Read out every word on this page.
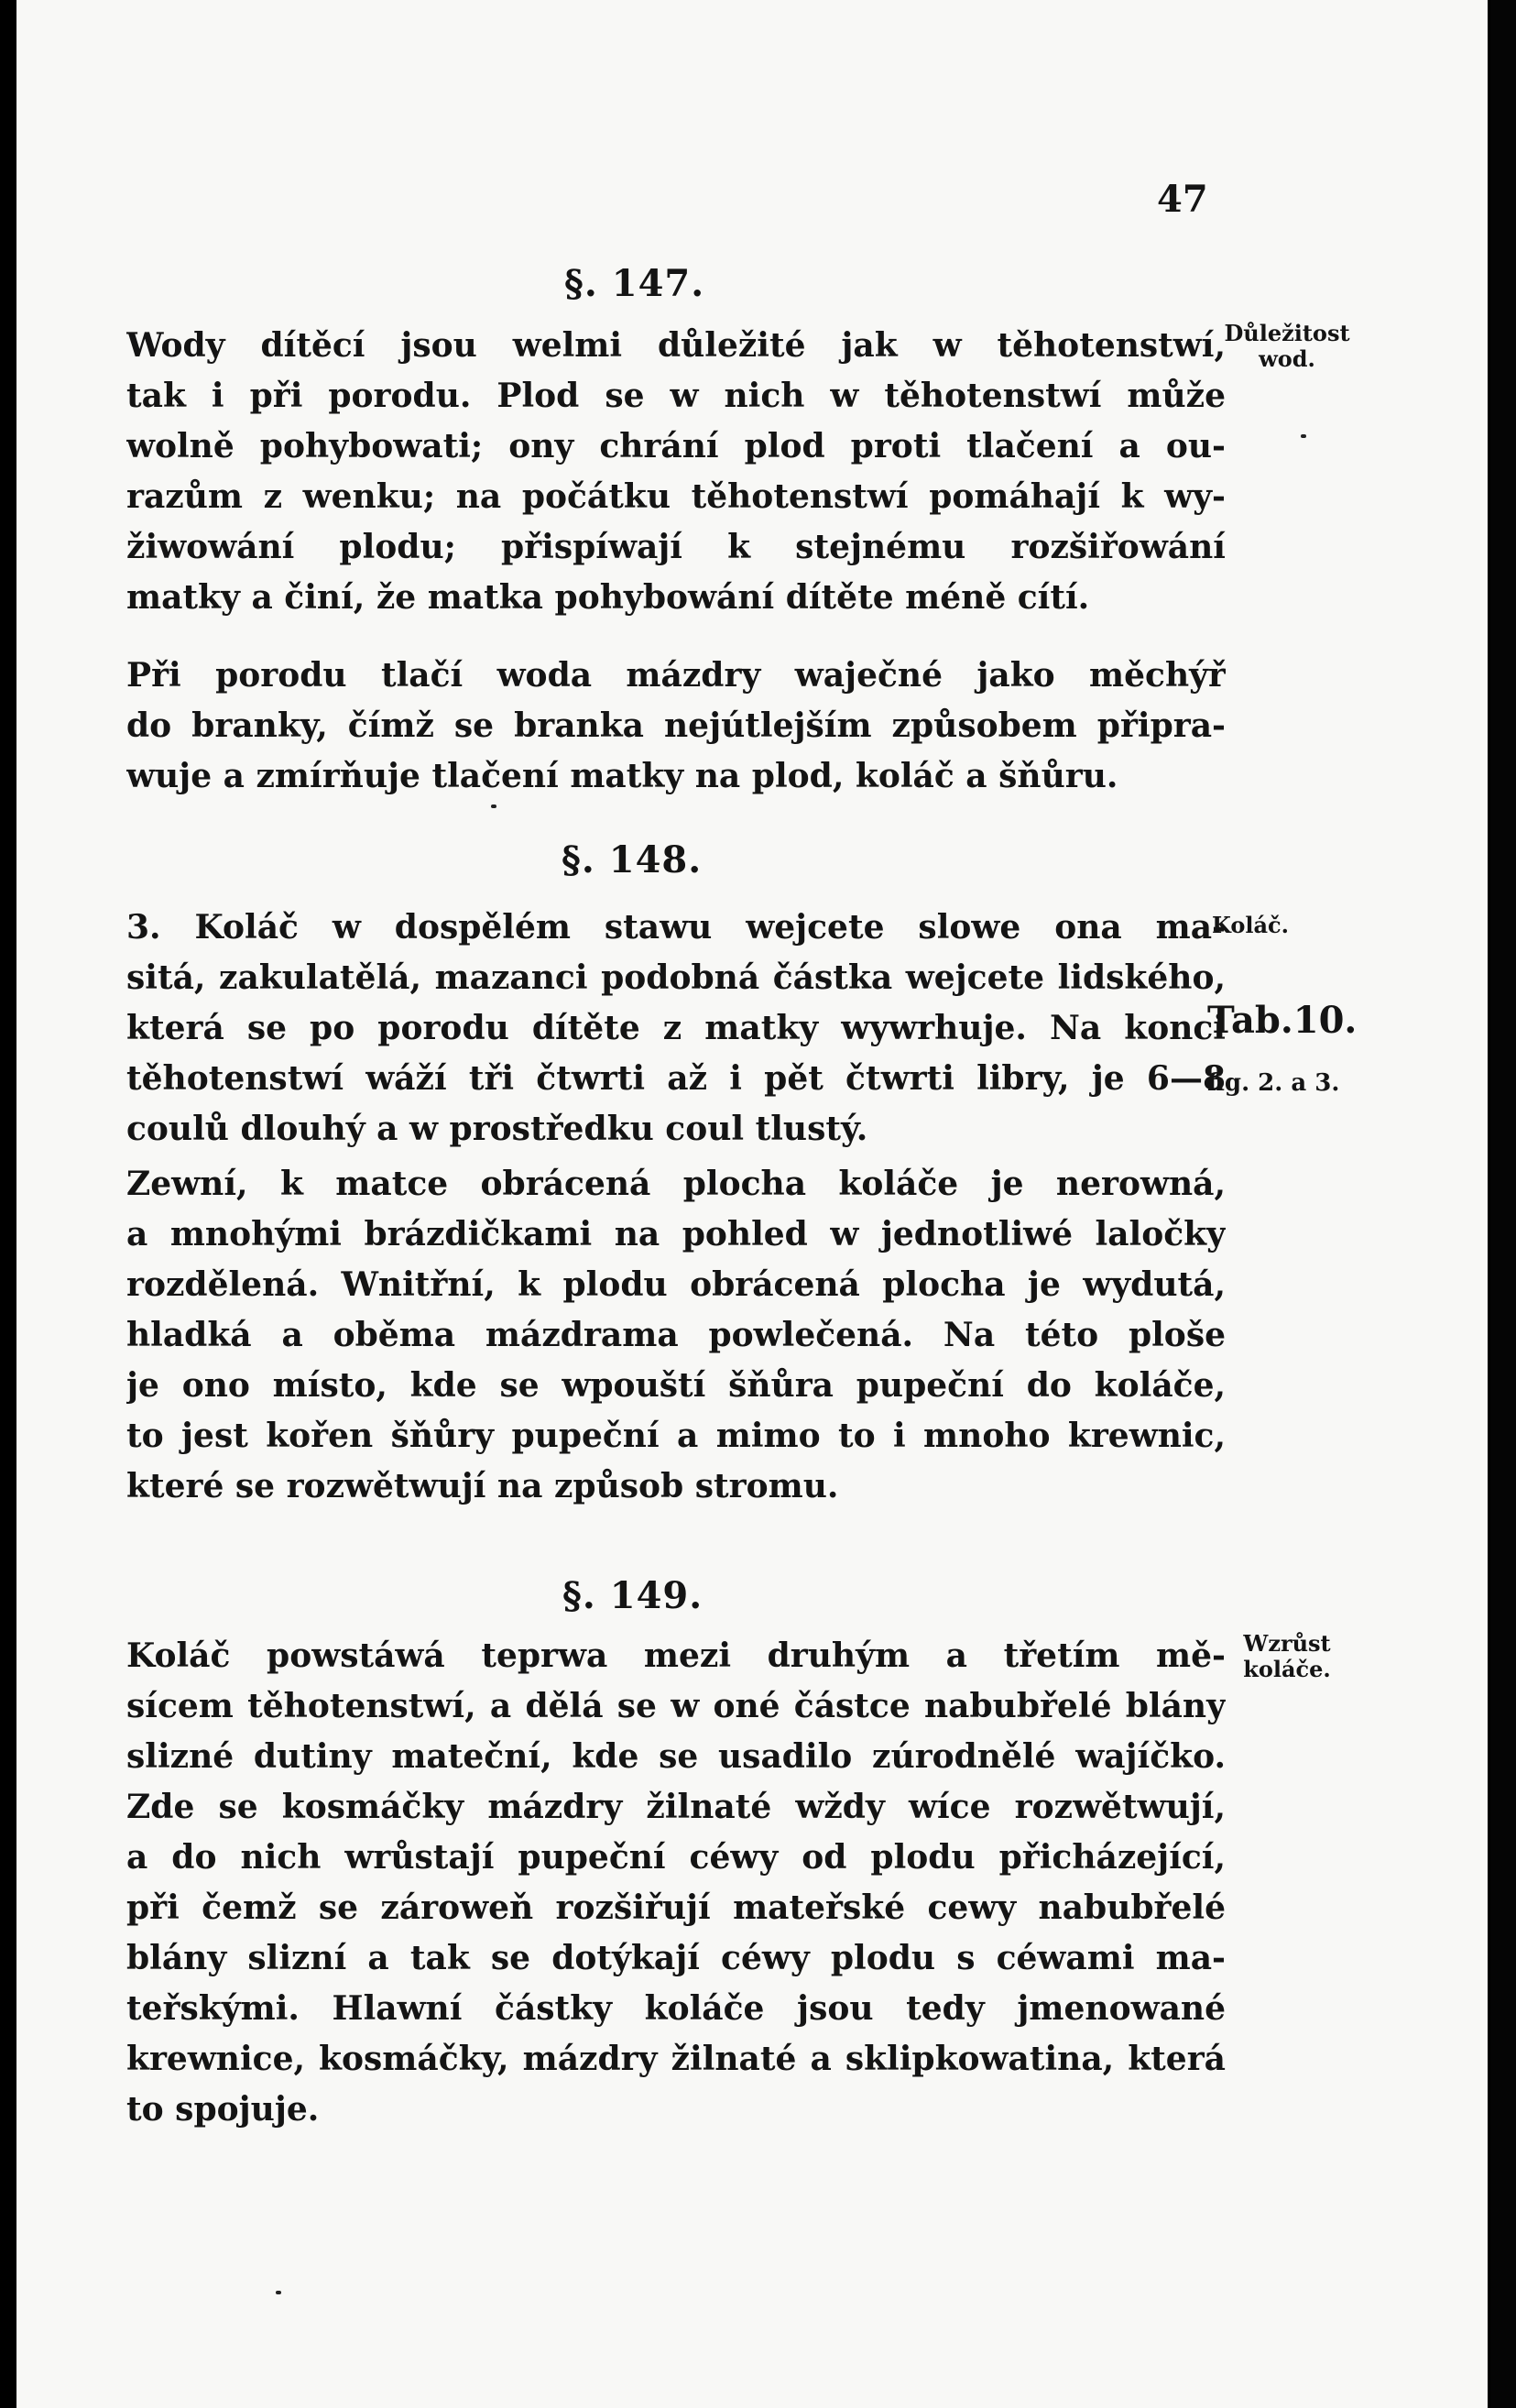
47
§. 147.
Wody dítěcí jsou welmi důležité jak w těhotenstwí,
tak i při porodu. Plod se w nich w těhotenstwí může
wolně pohybowati; ony chrání plod proti tlačení a ou-
razům z wenku; na počátku těhotenstwí pomáhají k wy-
žiwowání plodu; přispíwají k stejnému rozšiřowání
matky a činí, že matka pohybowání dítěte méně cítí.
Důležitost
wod.
Při porodu tlačí woda mázdry waječné jako měchýř
do branky, čímž se branka nejútlejším způsobem připra-
wuje a zmírňuje tlačení matky na plod, koláč a šňůru.
§. 148.
3. Koláč w dospělém stawu wejcete slowe ona ma-
sitá, zakulatělá, mazanci podobná částka wejcete lidského,
která se po porodu dítěte z matky wywrhuje. Na konci
těhotenstwí wáží tři čtwrti až i pět čtwrti libry, je 6—8
coulů dlouhý a w prostředku coul tlustý.
Koláč.
Tab.10.
fig. 2. a 3.
Zewní, k matce obrácená plocha koláče je nerowná,
a mnohými brázdičkami na pohled w jednotliwé laločky
rozdělená. Wnitřní, k plodu obrácená plocha je wydutá,
hladká a oběma mázdrama powlečená. Na této ploše
je ono místo, kde se wpouští šňůra pupeční do koláče,
to jest kořen šňůry pupeční a mimo to i mnoho krewnic,
které se rozwětwují na způsob stromu.
§. 149.
Koláč powstáwá teprwa mezi druhým a třetím mě-
sícem těhotenstwí, a dělá se w oné částce nabubřelé blány
slizné dutiny mateční, kde se usadilo zúrodnělé wajíčko.
Zde se kosmáčky mázdry žilnaté wždy wíce rozwětwují,
a do nich wrůstají pupeční céwy od plodu přicházející,
při čemž se zároweň rozšiřují mateřské cewy nabubřelé
blány slizní a tak se dotýkají céwy plodu s céwami ma-
teřskými. Hlawní částky koláče jsou tedy jmenowané
krewnice, kosmáčky, mázdry žilnaté a sklipkowatina, která
to spojuje.
Wzrůst
koláče.
